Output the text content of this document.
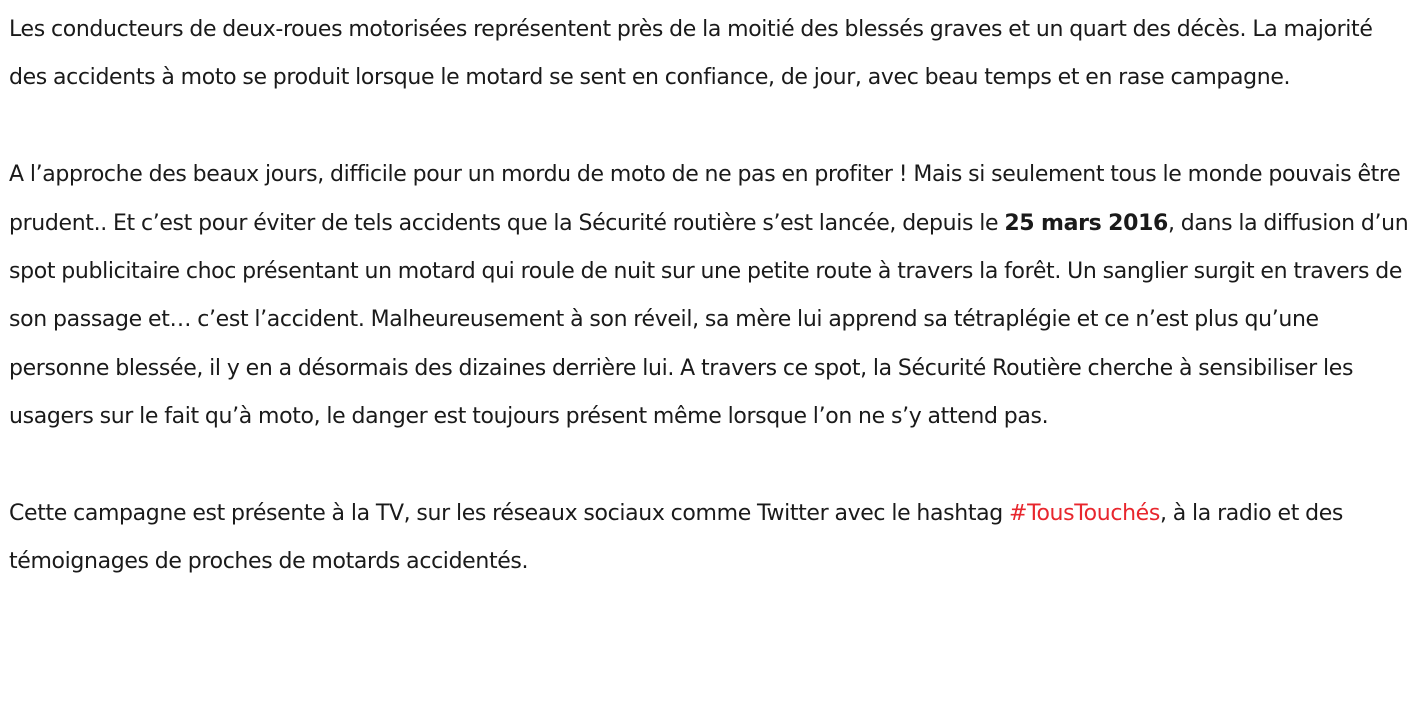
Les conducteurs de deux-roues motorisées représentent près de la moitié des blessés graves et un quart des décès. La majorité des accidents à moto se produit lorsque le motard se sent en confiance, de jour, avec beau temps et en rase campagne.

A l’approche des beaux jours, difficile pour un mordu de moto de ne pas en profiter ! Mais si seulement tous le monde pouvais être prudent.. Et c’est pour éviter de tels accidents que la Sécurité routière s’est lancée, depuis le 25 mars 2016, dans la diffusion d’un spot publicitaire choc présentant un motard qui roule de nuit sur une petite route à travers la forêt. Un sanglier surgit en travers de son passage et… c’est l’accident. Malheureusement à son réveil, sa mère lui apprend sa tétraplégie et ce n’est plus qu’une personne blessée, il y en a désormais des dizaines derrière lui. A travers ce spot, la Sécurité Routière cherche à sensibiliser les usagers sur le fait qu’à moto, le danger est toujours présent même lorsque l’on ne s’y attend pas.

Cette campagne est présente à la TV, sur les réseaux sociaux comme Twitter avec le hashtag #TousTouchés, à la radio et des témoignages de proches de motards accidentés.
